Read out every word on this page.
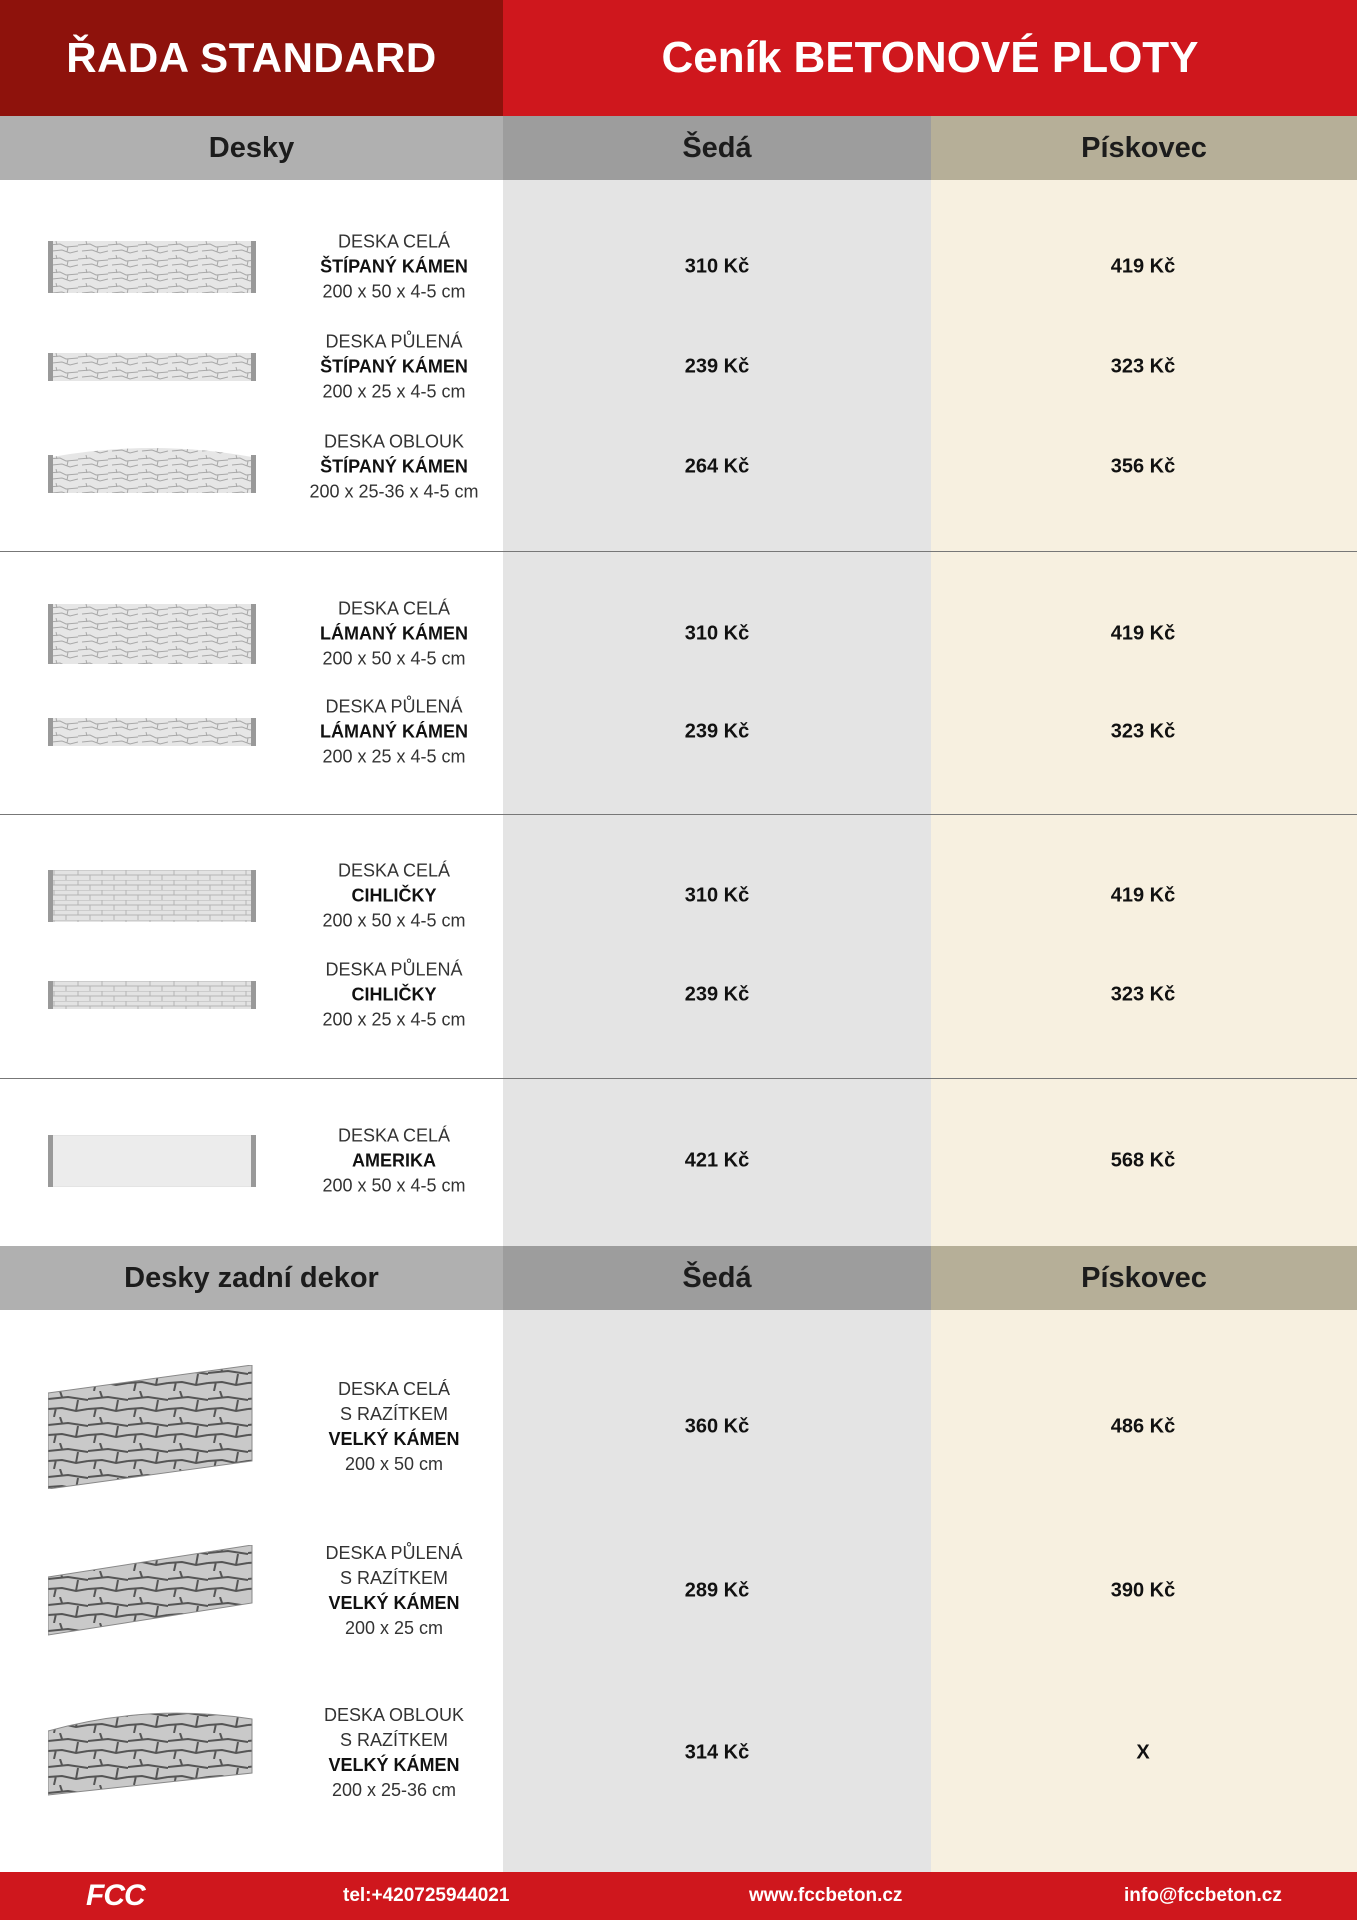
ŘADA STANDARD	Ceník BETONOVÉ PLOTY
Desky	Šedá	Pískovec
DESKA CELÁ
ŠTÍPANÝ KÁMEN
200 x 50 x 4-5 cm
310 Kč	419 Kč
DESKA PŮLENÁ
ŠTÍPANÝ KÁMEN
200 x 25 x 4-5 cm
239 Kč	323 Kč
DESKA OBLOUK
ŠTÍPANÝ KÁMEN
200 x 25-36 x 4-5 cm
264 Kč	356 Kč
DESKA CELÁ
LÁMANÝ KÁMEN
200 x 50 x 4-5 cm
310 Kč	419 Kč
DESKA PŮLENÁ
LÁMANÝ KÁMEN
200 x 25 x 4-5 cm
239 Kč	323 Kč
DESKA CELÁ
CIHLIČKY
200 x 50 x 4-5 cm
310 Kč	419 Kč
DESKA PŮLENÁ
CIHLIČKY
200 x 25 x 4-5 cm
239 Kč	323 Kč
DESKA CELÁ
AMERIKA
200 x 50 x 4-5 cm
421 Kč	568 Kč
Desky zadní dekor	Šedá	Pískovec
DESKA CELÁ
S RAZÍTKEM
VELKÝ KÁMEN
200 x 50 cm
360 Kč	486 Kč
DESKA PŮLENÁ
S RAZÍTKEM
VELKÝ KÁMEN
200 x 25 cm
289 Kč	390 Kč
DESKA OBLOUK
S RAZÍTKEM
VELKÝ KÁMEN
200 x 25-36 cm
314 Kč	X
FCC	tel:+420725944021	www.fccbeton.cz	info@fccbeton.cz
